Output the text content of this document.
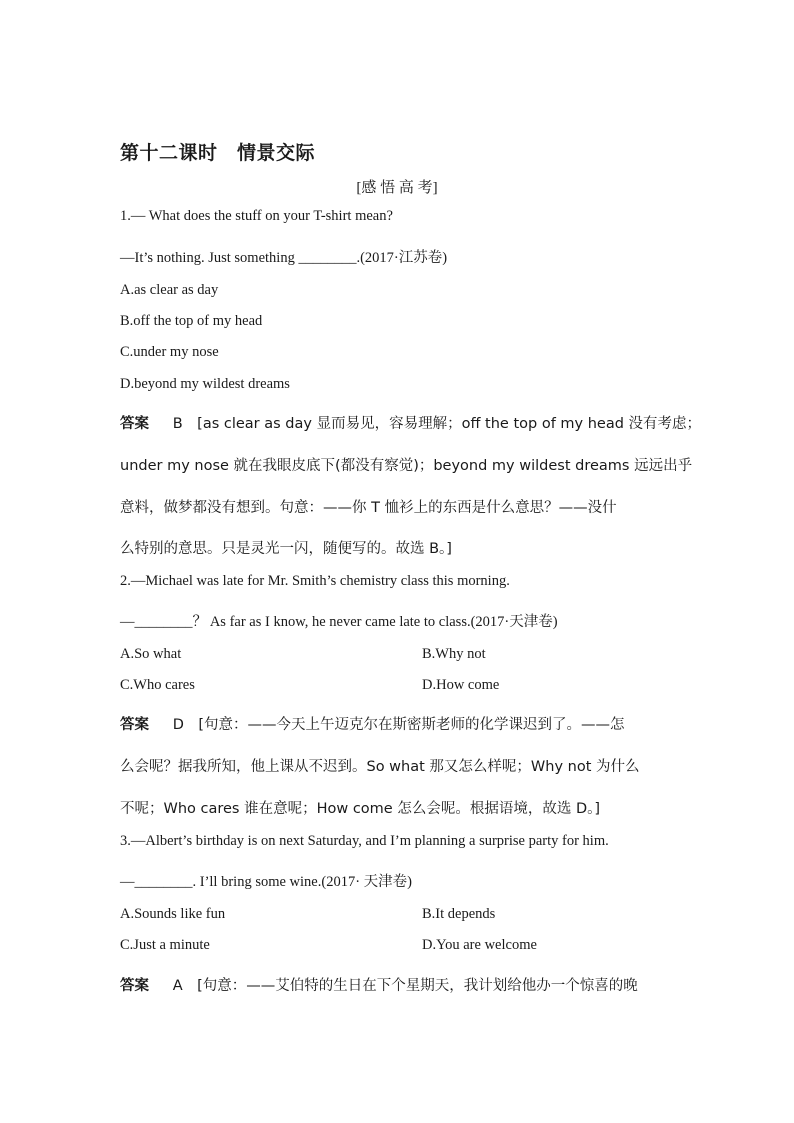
第十二课时　情景交际
[感 悟 高 考]
1.— What does the stuff on your T-shirt mean?
—It’s nothing. Just something ________.(2017·江苏卷)
A.as clear as day
B.off the top of my head
C.under my nose
D.beyond my wildest dreams
答案 　 B　[as clear as day 显而易见，容易理解；off the top of my head 没有考虑；
under my nose 就在我眼皮底下(都没有察觉)；beyond my wildest dreams 远远出乎
意料，做梦都没有想到。句意：——你 T 恤衫上的东西是什么意思？——没什
么特别的意思。只是灵光一闪，随便写的。故选 B。]
2.—Michael was late for Mr. Smith’s chemistry class this morning.
—________？ As far as I know, he never came late to class.(2017·天津卷)
A.So what	B.Why not
C.Who cares	D.How come
答案 　 D　[句意：——今天上午迈克尔在斯密斯老师的化学课迟到了。——怎
么会呢？据我所知，他上课从不迟到。So what 那又怎么样呢；Why not 为什么
不呢；Who cares 谁在意呢；How come 怎么会呢。根据语境，故选 D。]
3.—Albert’s birthday is on next Saturday, and I’m planning a surprise party for him.
—________. I’ll bring some wine.(2017· 天津卷)
A.Sounds like fun	B.It depends
C.Just a minute	D.You are welcome
答案 　 A　[句意：——艾伯特的生日在下个星期天，我计划给他办一个惊喜的晚
